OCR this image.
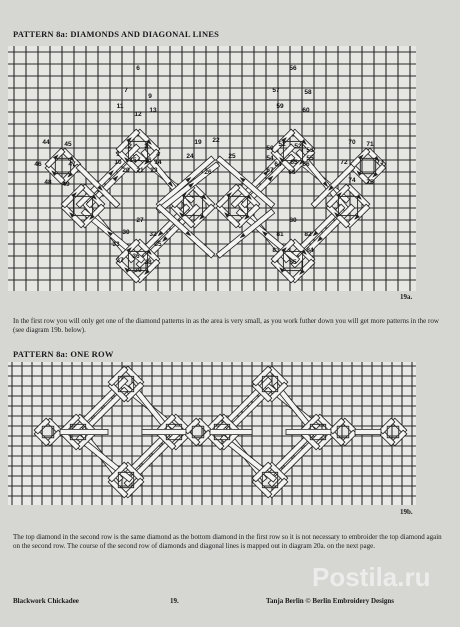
PATTERN 8a: DIAMONDS AND DIAGONAL LINES
6
7
9
11
12
13
44 45
46	47
48 49
1
2 3
4
10	14
15 16
20 21 23
27
30	32
33	35
36
37	38
39
19 22
24	25
26
56
57	58
59
60
50
51 52
53
54	55
64 65 66
67 68
70 71
72	73
74 75
80
81	82
83	84
85
19a.
In the first row you will only get one of the diamond patterns in as the area is very small, as you work futher down you will get more patterns in the row (see diagram 19b. below).
PATTERN 8a: ONE ROW
19b.
The top diamond in the second row is the same diamond as the bottom diamond in the first row so it is not necessary to embroider the top diamond again on the second row. The course of the second row of diamonds and diagonal lines is mapped out in diagram 20a. on the next page.
Blackwork Chickadee	19.	Tanja Berlin © Berlin Embroidery Designs
Postila.ru
